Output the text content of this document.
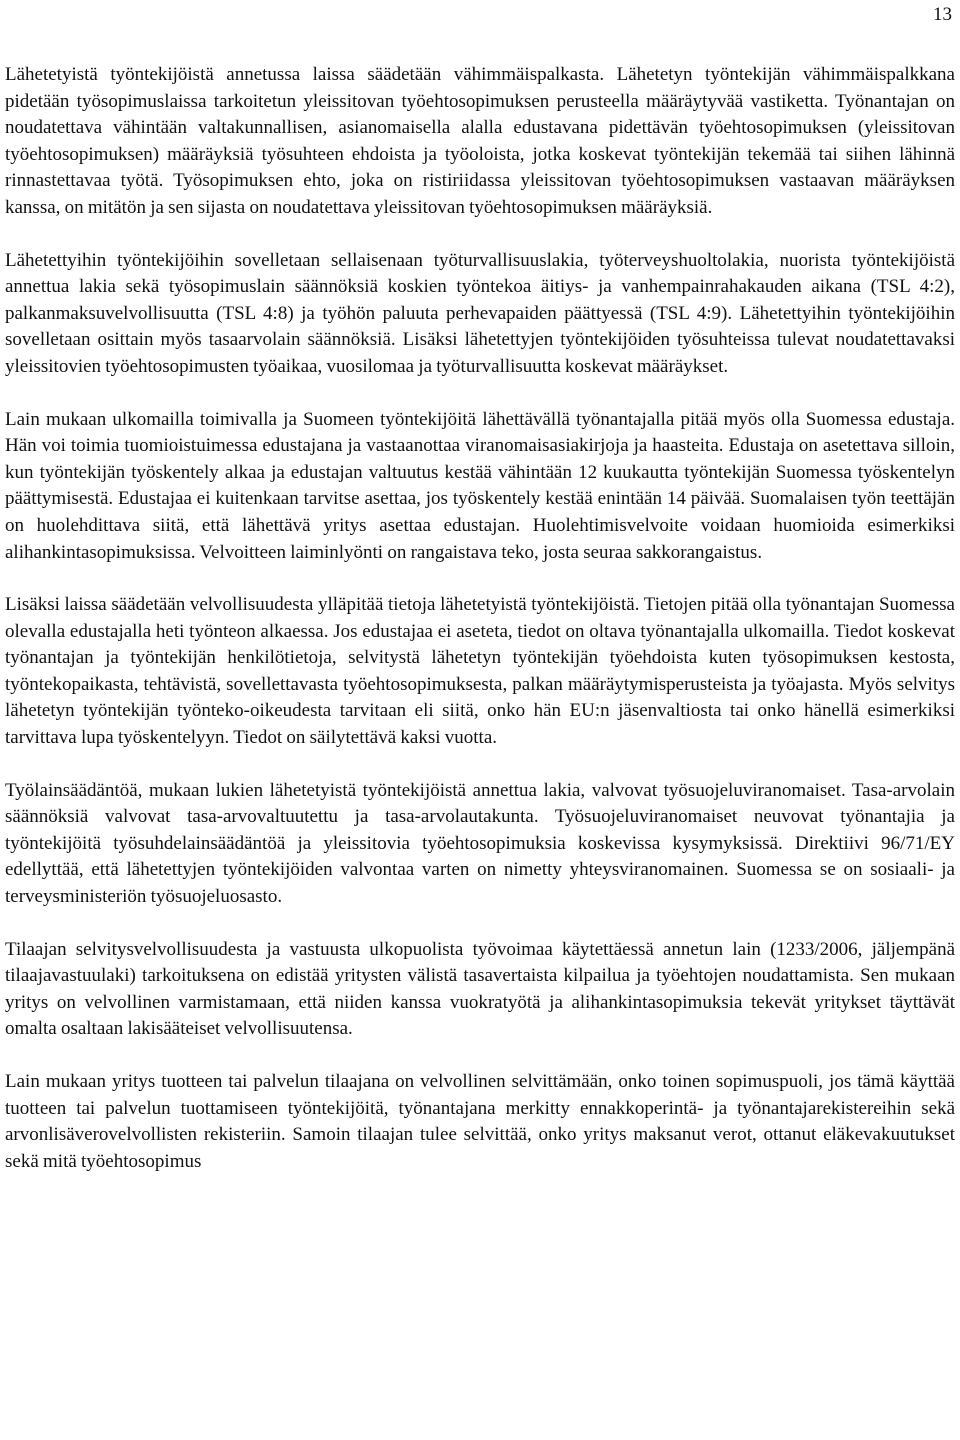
13

Lähetetyistä työntekijöistä annetussa laissa säädetään vähimmäispalkasta. Lähetetyn työntekijän vähimmäispalkkana pidetään työsopimuslaissa tarkoitetun yleissitovan työehtosopimuksen perusteella määräytyvää vastiketta. Työnantajan on noudatettava vähintään valtakunnallisen, asianomaisella alalla edustavana pidettävän työehtosopimuksen (yleissitovan työehtosopimuksen) määräyksiä työsuhteen ehdoista ja työoloista, jotka koskevat työntekijän tekemää tai siihen lähinnä rinnastettavaa työtä. Työsopimuksen ehto, joka on ristiriidassa yleissitovan työehtosopimuksen vastaavan määräyksen kanssa, on mitätön ja sen sijasta on noudatettava yleissitovan työehtosopimuksen määräyksiä.

Lähetettyihin työntekijöihin sovelletaan sellaisenaan työturvallisuuslakia, työterveyshuoltolakia, nuorista työntekijöistä annettua lakia sekä työsopimuslain säännöksiä koskien työntekoa äitiys- ja vanhempainrahakauden aikana (TSL 4:2), palkanmaksuvelvollisuutta (TSL 4:8) ja työhön paluuta perhevapaiden päättyessä (TSL 4:9). Lähetettyihin työntekijöihin sovelletaan osittain myös tasaarvolain säännöksiä. Lisäksi lähetettyjen työntekijöiden työsuhteissa tulevat noudatettavaksi yleissitovien työehtosopimusten työaikaa, vuosilomaa ja työturvallisuutta koskevat määräykset.

Lain mukaan ulkomailla toimivalla ja Suomeen työntekijöitä lähettävällä työnantajalla pitää myös olla Suomessa edustaja. Hän voi toimia tuomioistuimessa edustajana ja vastaanottaa viranomaisasiakirjoja ja haasteita. Edustaja on asetettava silloin, kun työntekijän työskentely alkaa ja edustajan valtuutus kestää vähintään 12 kuukautta työntekijän Suomessa työskentelyn päättymisestä. Edustajaa ei kuitenkaan tarvitse asettaa, jos työskentely kestää enintään 14 päivää. Suomalaisen työn teettäjän on huolehdittava siitä, että lähettävä yritys asettaa edustajan. Huolehtimisvelvoite voidaan huomioida esimerkiksi alihankintasopimuksissa. Velvoitteen laiminlyönti on rangaistava teko, josta seuraa sakkorangaistus.

Lisäksi laissa säädetään velvollisuudesta ylläpitää tietoja lähetetyistä työntekijöistä. Tietojen pitää olla työnantajan Suomessa olevalla edustajalla heti työnteon alkaessa. Jos edustajaa ei aseteta, tiedot on oltava työnantajalla ulkomailla. Tiedot koskevat työnantajan ja työntekijän henkilötietoja, selvitystä lähetetyn työntekijän työehdoista kuten työsopimuksen kestosta, työntekopaikasta, tehtävistä, sovellettavasta työehtosopimuksesta, palkan määräytymisperusteista ja työajasta. Myös selvitys lähetetyn työntekijän työnteko-oikeudesta tarvitaan eli siitä, onko hän EU:n jäsenvaltiosta tai onko hänellä esimerkiksi tarvittava lupa työskentelyyn. Tiedot on säilytettävä kaksi vuotta.

Työlainsäädäntöä, mukaan lukien lähetetyistä työntekijöistä annettua lakia, valvovat työsuojeluviranomaiset. Tasa-arvolain säännöksiä valvovat tasa-arvovaltuutettu ja tasa-arvolautakunta. Työsuojeluviranomaiset neuvovat työnantajia ja työntekijöitä työsuhdelainsäädäntöä ja yleissitovia työehtosopimuksia koskevissa kysymyksissä. Direktiivi 96/71/EY edellyttää, että lähetettyjen työntekijöiden valvontaa varten on nimetty yhteysviranomainen. Suomessa se on sosiaali- ja terveysministeriön työsuojeluosasto.

Tilaajan selvitysvelvollisuudesta ja vastuusta ulkopuolista työvoimaa käytettäessä annetun lain (1233/2006, jäljempänä tilaajavastuulaki) tarkoituksena on edistää yritysten välistä tasavertaista kilpailua ja työehtojen noudattamista. Sen mukaan yritys on velvollinen varmistamaan, että niiden kanssa vuokratyötä ja alihankintasopimuksia tekevät yritykset täyttävät omalta osaltaan lakisääteiset velvollisuutensa.

Lain mukaan yritys tuotteen tai palvelun tilaajana on velvollinen selvittämään, onko toinen sopimuspuoli, jos tämä käyttää tuotteen tai palvelun tuottamiseen työntekijöitä, työnantajana merkitty ennakkoperintä- ja työnantajarekistereihin sekä arvonlisäverovelvollisten rekisteriin. Samoin tilaajan tulee selvittää, onko yritys maksanut verot, ottanut eläkevakuutukset sekä mitä työehtosopimus
